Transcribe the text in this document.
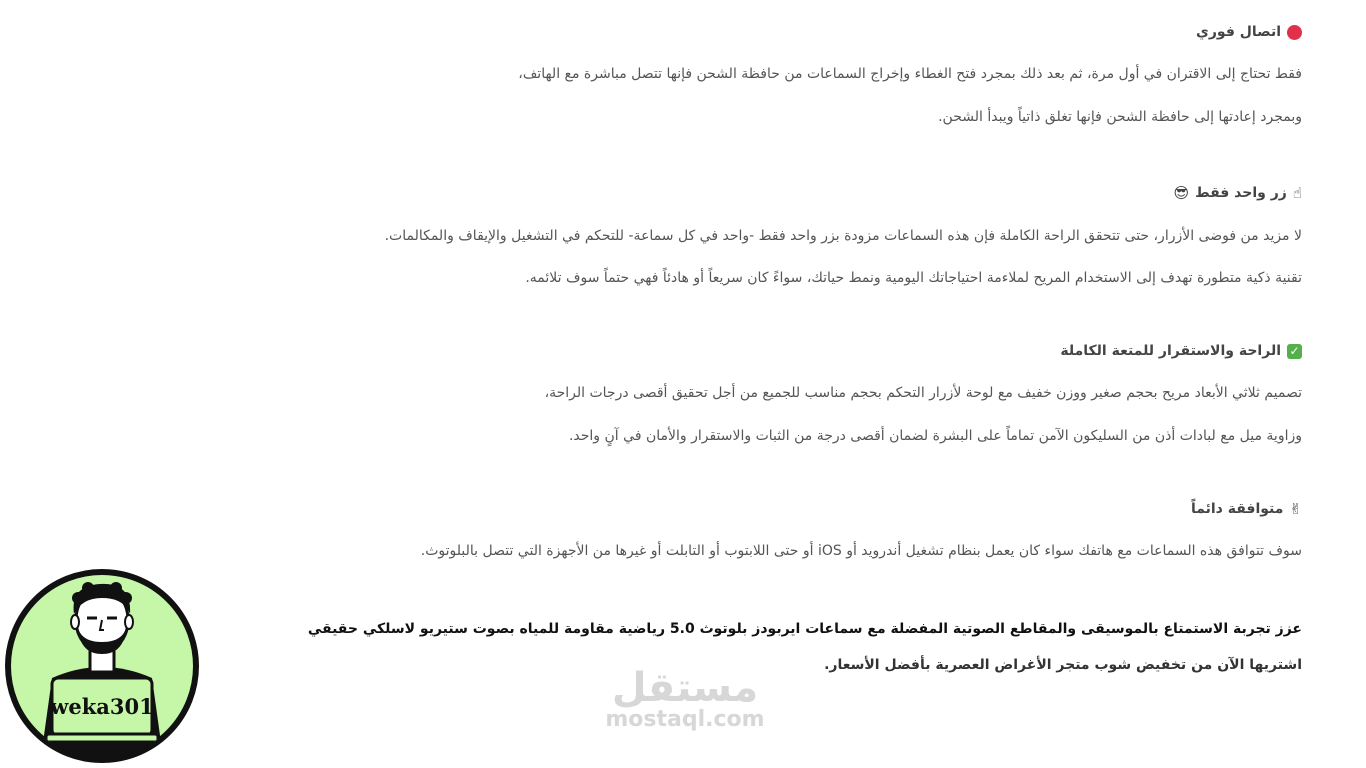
اتصال فوري
فقط تحتاج إلى الاقتران في أول مرة، ثم بعد ذلك بمجرد فتح الغطاء وإخراج السماعات من حافظة الشحن فإنها تتصل مباشرة مع الهاتف،
وبمجرد إعادتها إلى حافظة الشحن فإنها تغلق ذاتياً ويبدأ الشحن.
☝
زر واحد فقط
😎
لا مزيد من فوضى الأزرار، حتى تتحقق الراحة الكاملة فإن هذه السماعات مزودة بزر واحد فقط -واحد في كل سماعة- للتحكم في التشغيل والإيقاف والمكالمات.
تقنية ذكية متطورة تهدف إلى الاستخدام المريح لملاءمة احتياجاتك اليومية ونمط حياتك، سواءً كان سريعاً أو هادئاً فهي حتماً سوف تلائمه.
✓
الراحة والاستقرار للمتعة الكاملة
تصميم ثلاثي الأبعاد مريح بحجم صغير ووزن خفيف مع لوحة لأزرار التحكم بحجم مناسب للجميع من أجل تحقيق أقصى درجات الراحة،
وزاوية ميل مع لبادات أذن من السليكون الآمن تماماً على البشرة لضمان أقصى درجة من الثبات والاستقرار والأمان في آنٍ واحد.
✌
متوافقة دائماً
سوف تتوافق هذه السماعات مع هاتفك سواء كان يعمل بنظام تشغيل أندرويد أو iOS أو حتى اللابتوب أو التابلت أو غيرها من الأجهزة التي تتصل بالبلوتوث.
عزز تجربة الاستمتاع بالموسيقى والمقاطع الصوتية المفضلة مع سماعات ايربودز بلوتوث 5.0 رياضية مقاومة للمياه بصوت ستيريو لاسلكي حقيقي
اشتريها الآن من تخفيض شوب متجر الأغراض العصرية بأفضل الأسعار.
مستقل
mostaql.com
weka301
